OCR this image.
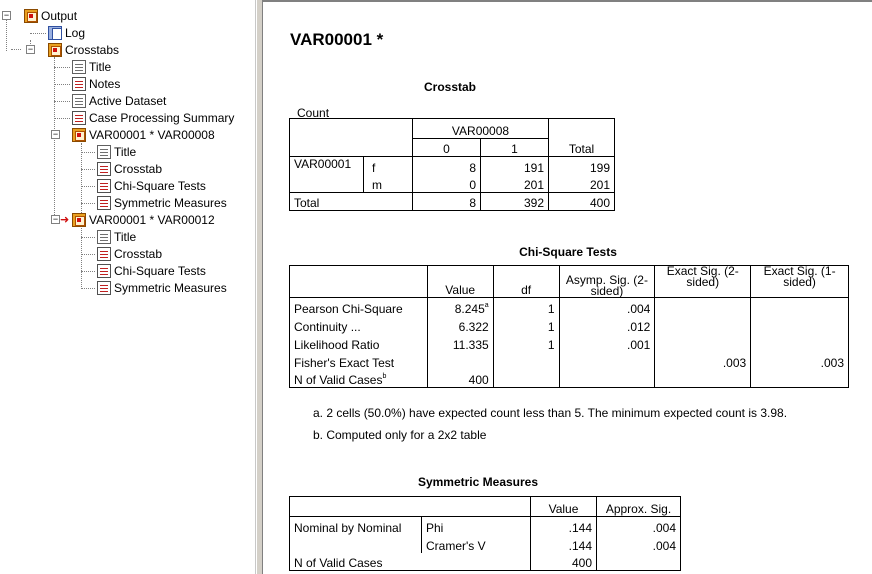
−	Output
Log
−	Crosstabs
Title
Notes
Active Dataset
Case Processing Summary
−	VAR00001 * VAR00008
Title
Crosstab
Chi-Square Tests
Symmetric Measures
− ➜ VAR00001 * VAR00012
Title
Crosstab
Chi-Square Tests
Symmetric Measures
VAR00001 *
Crosstab
Count
		VAR00008		Total
		0	1	
VAR00001	f	8	191	199
	m	0	201	201
Total		8	392	400
Chi-Square Tests
	Value	df	Asymp. Sig. (2-sided)	Exact Sig. (2-sided)	Exact Sig. (1-sided)
Pearson Chi-Square	8.245$^a$	1	.004		
Continuity ...	6.322	1	.012		
Likelihood Ratio	11.335	1	.001		
Fisher's Exact Test				.003	.003
N of Valid Cases$^b$	400				
a. 2 cells (50.0%) have expected count less than 5. The minimum expected count is 3.98.
b. Computed only for a 2x2 table
Symmetric Measures
		Value	Approx. Sig.
Nominal by Nominal	Phi	.144	.004
	Cramer's V	.144	.004
N of Valid Cases		400	
